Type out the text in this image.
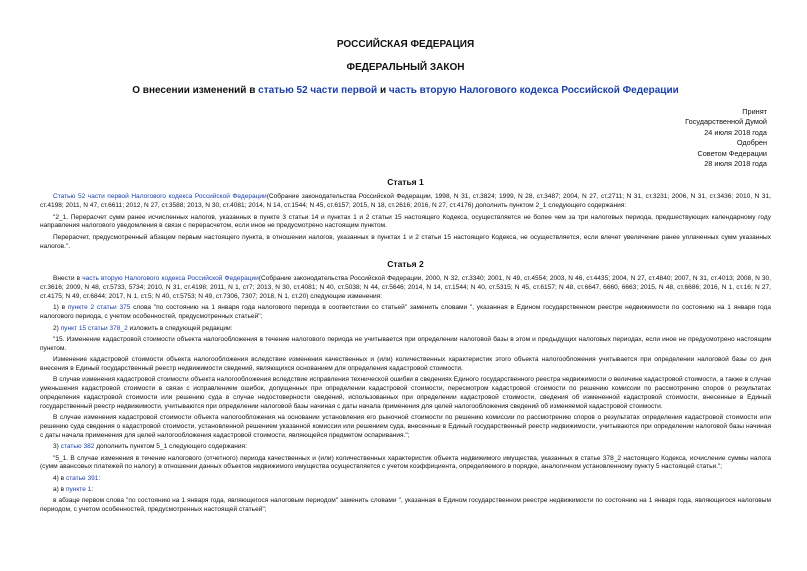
РОССИЙСКАЯ ФЕДЕРАЦИЯ
ФЕДЕРАЛЬНЫЙ ЗАКОН
О внесении изменений в статью 52 части первой и часть вторую Налогового кодекса Российской Федерации
Принят
Государственной Думой
24 июля 2018 года
Одобрен
Советом Федерации
28 июля 2018 года
Статья 1

Статью 52 части первой Налогового кодекса Российской Федерации(Собрание законодательства Российской Федерации, 1998, N 31, ст.3824; 1999, N 28, ст.3487; 2004, N 27, ст.2711; N 31, ст.3231; 2006, N 31, ст.3436; 2010, N 31, ст.4198; 2011, N 47, ст.6611; 2012, N 27, ст.3588; 2013, N 30, ст.4081; 2014, N 14, ст.1544; N 45, ст.6157; 2015, N 18, ст.2616; 2016, N 27, ст.4176) дополнить пунктом 2_1 следующего содержания:

"2_1. Перерасчет сумм ранее исчисленных налогов, указанных в пункте 3 статьи 14 и пунктах 1 и 2 статьи 15 настоящего Кодекса, осуществляется не более чем за три налоговых периода, предшествующих календарному году направления налогового уведомления в связи с перерасчетом, если иное не предусмотрено настоящим пунктом.

Перерасчет, предусмотренный абзацем первым настоящего пункта, в отношении налогов, указанных в пунктах 1 и 2 статьи 15 настоящего Кодекса, не осуществляется, если влечет увеличение ранее уплаченных сумм указанных налогов.".

Статья 2

Внести в часть вторую Налогового кодекса Российской Федерации(Собрание законодательства Российской Федерации, 2000, N 32, ст.3340; 2001, N 49, ст.4554; 2003, N 46, ст.4435; 2004, N 27, ст.4840; 2007, N 31, ст.4013; 2008, N 30, ст.3616; 2009, N 48, ст.5733, 5734; 2010, N 31, ст.4198; 2011, N 1, ст7; 2013, N 30, ст.4081; N 40, ст.5038; N 44, ст.5646; 2014, N 14, ст.1544; N 40, ст.5315; N 45, ст.6157; N 48, ст.6647, 6660, 6663; 2015, N 48, ст.6686; 2016, N 1, ст.16; N 27, ст.4175; N 49, ст.6844; 2017, N 1, ст.5; N 40, ст.5753; N 49, ст.7306, 7307; 2018, N 1, ст.20) следующие изменения:

1) в пункте 2 статьи 375 слова "по состоянию на 1 января года налогового периода в соответствии со статьей" заменить словами ", указанная в Едином государственном реестре недвижимости по состоянию на 1 января года налогового периода, с учетом особенностей, предусмотренных статьей";

2) пункт 15 статьи 378_2 изложить в следующей редакции:

"15. Изменение кадастровой стоимости объекта налогообложения в течение налогового периода не учитывается при определении налоговой базы в этом и предыдущих налоговых периодах, если иное не предусмотрено настоящим пунктом.

Изменение кадастровой стоимости объекта налогообложения вследствие изменения качественных и (или) количественных характеристик этого объекта налогообложения учитывается при определении налоговой базы со дня внесения в Единый государственный реестр недвижимости сведений, являющихся основанием для определения кадастровой стоимости.

В случае изменения кадастровой стоимости объекта налогообложения вследствие исправления технической ошибки в сведениях Единого государственного реестра недвижимости о величине кадастровой стоимости, а также в случае уменьшения кадастровой стоимости в связи с исправлением ошибок, допущенных при определении кадастровой стоимости, пересмотром кадастровой стоимости по решению комиссии по рассмотрению споров о результатах определения кадастровой стоимости или решению суда в случае недостоверности сведений, использованных при определении кадастровой стоимости, сведения об измененной кадастровой стоимости, внесенные в Единый государственный реестр недвижимости, учитываются при определении налоговой базы начиная с даты начала применения для целей налогообложения сведений об изменяемой кадастровой стоимости.

В случае изменения кадастровой стоимости объекта налогообложения на основании установления его рыночной стоимости по решению комиссии по рассмотрению споров о результатах определения кадастровой стоимости или решению суда сведения о кадастровой стоимости, установленной решением указанной комиссии или решением суда, внесенные в Единый государственный реестр недвижимости, учитываются при определении налоговой базы начиная с даты начала применения для целей налогообложения кадастровой стоимости, являющейся предметом оспаривания.";

3) статью 382 дополнить пунктом 5_1 следующего содержания:

"5_1. В случае изменения в течение налогового (отчетного) периода качественных и (или) количественных характеристик объекта недвижимого имущества, указанных в статье 378_2 настоящего Кодекса, исчисление суммы налога (сумм авансовых платежей по налогу) в отношении данных объектов недвижимого имущества осуществляется с учетом коэффициента, определяемого в порядке, аналогичном установленному пункту 5 настоящей статьи.";

4) в статье 391:

а) в пункте 1:

в абзаце первом слова "по состоянию на 1 января года, являющегося налоговым периодом" заменить словами ", указанная в Едином государственном реестре недвижимости по состоянию на 1 января года, являющегося налоговым периодом, с учетом особенностей, предусмотренных настоящей статьей";
